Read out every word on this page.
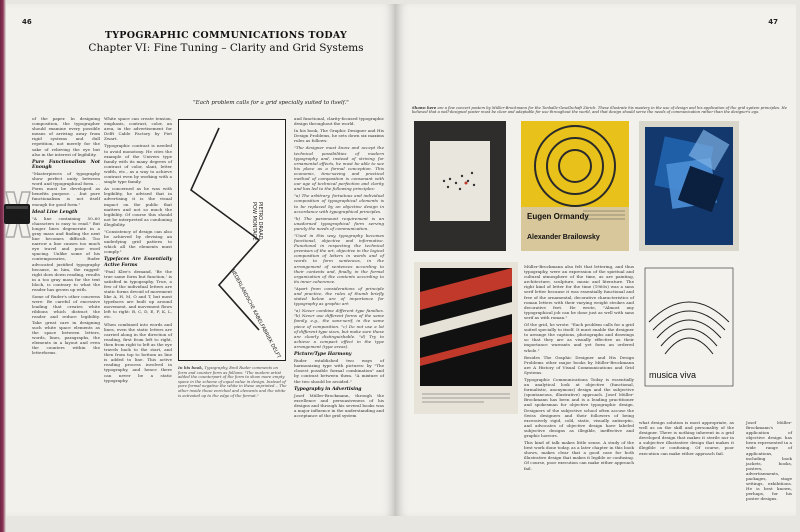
46
TYPOGRAPHIC COMMUNICATIONS TODAY
Chapter VI: Fine Tuning – Clarity and Grid Systems
"Each problem calls for a grid specially suited to itself."

of the paper. In designing composition, the typographer should examine every possible means of arriving away from rigid systems and dull repetition, not merely for the sake of relieving the eye but also in the interest of legibility.

Pure Functionalism Not Enough

"Masterpieces of typography show perfect unity between word and typographical form. . . Form must be developed as benefits purpose. . .but pure functionalism is not itself enough for good form."

Ideal Line Length

"A line containing 50–60 characters is easy to read." But longer lines degenerate in a gray mass and finding the next line becomes difficult. Too narrow a line causes too much eye travel and poor word spacing. Unlike some of his contemporaries, Ruder advocated justified typography because, in him, the ragged-right does down reading, results in a too gray mass for the text block, is contrary to what the reader has grown up with.

Some of Ruder's other concerns were: Be careful of excessive leading that creates white ribbons which distract the reader and reduce legibility. Take great care in designing such white space elements as the space between letters, words, lines, paragraphs, the elements in a layout and even the counters within the letterforms.

White space can create tension, emphasis, contrast, color, an area, in the advertisement for Delft Cable Factory by Piet Zwart.

Typographic contrast is needed to avoid monotony. He cites the example of the Univers type family with its many degrees of contrast of color, slant, letter width, etc., as a way to achieve contrast even by working with a single type family.

As concerned as he was with legibility, he advised that in advertising it is the visual impact on the public that matters and not so much the legibility. Of course this should not be interpreted as condoning illegibility.

"Consistency of design can also be achieved by devising an underlying grid pattern to which all the elements must comply."

Typefaces Are Essentially Active Forms

"Paul Klee's demand, 'Be the true same form but function,' is satisfied in typography. True, a few of the individual letters are static forms devoid of movement like A, H, M, O and T, but most typefaces are built up around movement, and movement flows left to right: B, C, D, E, F, K, L, etc.

When combined into words and lines, even the static letters are carried along in the direction of reading, first from left to right, then from right to left as the eye travels back to the start, and then from top to bottom as line is added to line. This active reading process involved in typography, and hence there can never be a static typography.

NEDERLANDSCHE KABELFABRIEK DELFT
PIETRO DRAAD
POW MONTAGE
In his book, Typography, Emil Ruder comments on form and counter form as follows: "The modern artist added the counterpart of the form to show more empty space in the scheme of equal value in design. Instead of pure formal negative the white in these unprinted... The other inside these enriched and elements and the white is activated up to the edge of the format."

and functional, clarity-focused typographic design throughout the world.

In his book, The Graphic Designer and His Design Problems, he sets down six maxims rules as follows:

"The designer must know and accept the technical possibilities of modern typography and, instead of striving for ornamental effects, he must be able to see his place as a formal conception. This economic, time-saving and practical method of composition is consonant with our age of technical perfection and clarity and has led to the following principles:

"a) The arbitrary, fortuitous and individual composition of typographical elements is to be replaced by an objective design in accordance with typographical principles.

"b) The paramount requirement is an unadorned typographical form serving purely the needs of communication.

"Used in this way, typography becomes functional, objective and informative. Functional in respecting the technical premises of the art, objective in the logical composition of letters in words and of words to form sentences, in the arrangement of sentences according to their contents and, finally, in the formal organization of the contents according to its inner coherence.

"Apart from considerations of principle and practice, the rules of thumb briefly stated below are of importance for typography as graphic art:

"a) Never combine different type families. "b) Never use different forms of the same family, e.g., the sans-serif, in the same piece of composition. "c) Do not use a lot of different type sizes, but make sure these are clearly distinguishable. "d) Try to achieve a compact effect in the type arrangement (type areas).

Picture/Type Harmony

Ruder established two ways of harmonizing type with pictures: by "The closest possible formal combination" and by contrast between them. "A mixture of the two should be avoided."

Typography in Advertising

Josef Müller-Brockmann, through the excellence and persuasiveness of his designs and through his several books was a major influence in the understanding and acceptance of the grid system

47
Shown here are a few concert posters by Müller-Brockmann for the Tonhalle-Gesellschaft Zürich. These illustrate his mastery in the use of design and his application of the grid system principles. He believed that a well-designed poster must be clear and adaptable for use throughout the world, and that design should serve the needs of communication rather than the designer's ego.
Eugen Ormandy
Alexander Brailowsky

Müller-Brockmann also felt that lettering, and thus typography, were an expression of the spiritual and cultural atmosphere of the time, as are painting, architecture, sculpture, music and literature. The right kind of letter for the time (1960s) was a sans serif letter because it was essentially functional and free of the ornamental, decorative characteristics of roman letters with their varying weight strokes and decorative feet. He wrote, "Almost any typographical job can be done just as well with sans serif as with roman."

Of the grid, he wrote: "Each problem calls for a grid suited specially to itself. It must enable the designer to arrange the captions, photographs and drawings so that they are as visually effective as their importance warrants and yet form an ordered whole."

Besides The Graphic Designer and His Design Problems other major books by Müller-Brockmann are A History of Visual Communications and Grid Systems.

Typographic Communications Today is essentially an analytical look at objective (functional, formalistic, anonymous) design and the subjective (spontaneous, illustrative) approach. Josef Müller-Brockmann has been and is a leading practitioner and spokesman for objective typographic design. Designers of the subjective school often accuse the Swiss designers and their followers of being excessively rigid, cold, static, visually antiseptic, and advocates of objective design have labeled subjective designs as illegible, ineffective and graphic horrors.

This kind of talk makes little sense. A study of the best work done today, as a later chapter in this book shows, makes clear that a good case for both illustrative design that makes it legible or confusing. Of course, poor execution can make either approach fail.

musica viva

what design solution is most appropriate, as well as on the skill and personality of the designer. There is nothing inherent in a grid developed design that makes it sterile nor in a subjective illustrative design that makes it illegible or confusing. Of course, poor execution can make either approach fail.

Josef Müller-Brockmann's application of objective design has been represented in a wide range of applications, including book jackets, books, posters, advertisements, packages, stage settings, exhibitions. He is best known, perhaps, for his poster designs.
